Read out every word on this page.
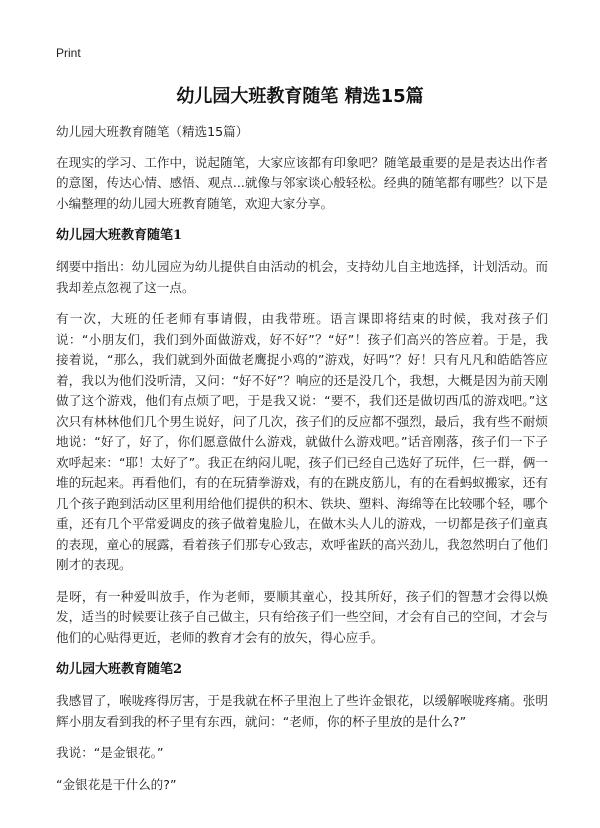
Print
幼儿园大班教育随笔 精选15篇

幼儿园大班教育随笔（精选15篇）

在现实的学习、工作中，说起随笔，大家应该都有印象吧？随笔最重要的是是表达出作者的意图，传达心情、感悟、观点...就像与邻家谈心般轻松。经典的随笔都有哪些？以下是小编整理的幼儿园大班教育随笔，欢迎大家分享。

幼儿园大班教育随笔1

纲要中指出：幼儿园应为幼儿提供自由活动的机会，支持幼儿自主地选择，计划活动。而我却差点忽视了这一点。

有一次，大班的任老师有事请假，由我带班。语言课即将结束的时候，我对孩子们说：“小朋友们，我们到外面做游戏，好不好”？“好”！孩子们高兴的答应着。于是，我接着说，“那么，我们就到外面做老鹰捉小鸡的”游戏，好吗”？好！只有凡凡和皓皓答应着，我以为他们没听清，又问：“好不好”？响应的还是没几个，我想，大概是因为前天刚做了这个游戏，他们有点烦了吧，于是我又说：“要不，我们还是做切西瓜的游戏吧。”这次只有林林他们几个男生说好，问了几次，孩子们的反应都不强烈，最后，我有些不耐烦地说：“好了，好了，你们愿意做什么游戏，就做什么游戏吧。”话音刚落，孩子们一下子欢呼起来：“耶！太好了”。我正在纳闷儿呢，孩子们已经自己选好了玩伴，仨一群，俩一堆的玩起来。再看他们，有的在玩猜拳游戏，有的在跳皮筋儿，有的在看蚂蚁搬家，还有几个孩子跑到活动区里利用给他们提供的积木、铁块、塑料、海绵等在比较哪个轻，哪个重，还有几个平常爱调皮的孩子做着鬼脸儿，在做木头人儿的游戏，一切都是孩子们童真的表现，童心的展露，看着孩子们那专心致志，欢呼雀跃的高兴劲儿，我忽然明白了他们刚才的表现。

是呀，有一种爱叫放手，作为老师，要顺其童心，投其所好，孩子们的智慧才会得以焕发，适当的时候要让孩子自己做主，只有给孩子们一些空间，才会有自己的空间，才会与他们的心贴得更近，老师的教育才会有的放矢，得心应手。

幼儿园大班教育随笔2

我感冒了，喉咙疼得厉害，于是我就在杯子里泡上了些许金银花，以缓解喉咙疼痛。张明辉小朋友看到我的杯子里有东西，就问：“老师，你的杯子里放的是什么?”

我说：“是金银花。”

“金银花是干什么的?”
